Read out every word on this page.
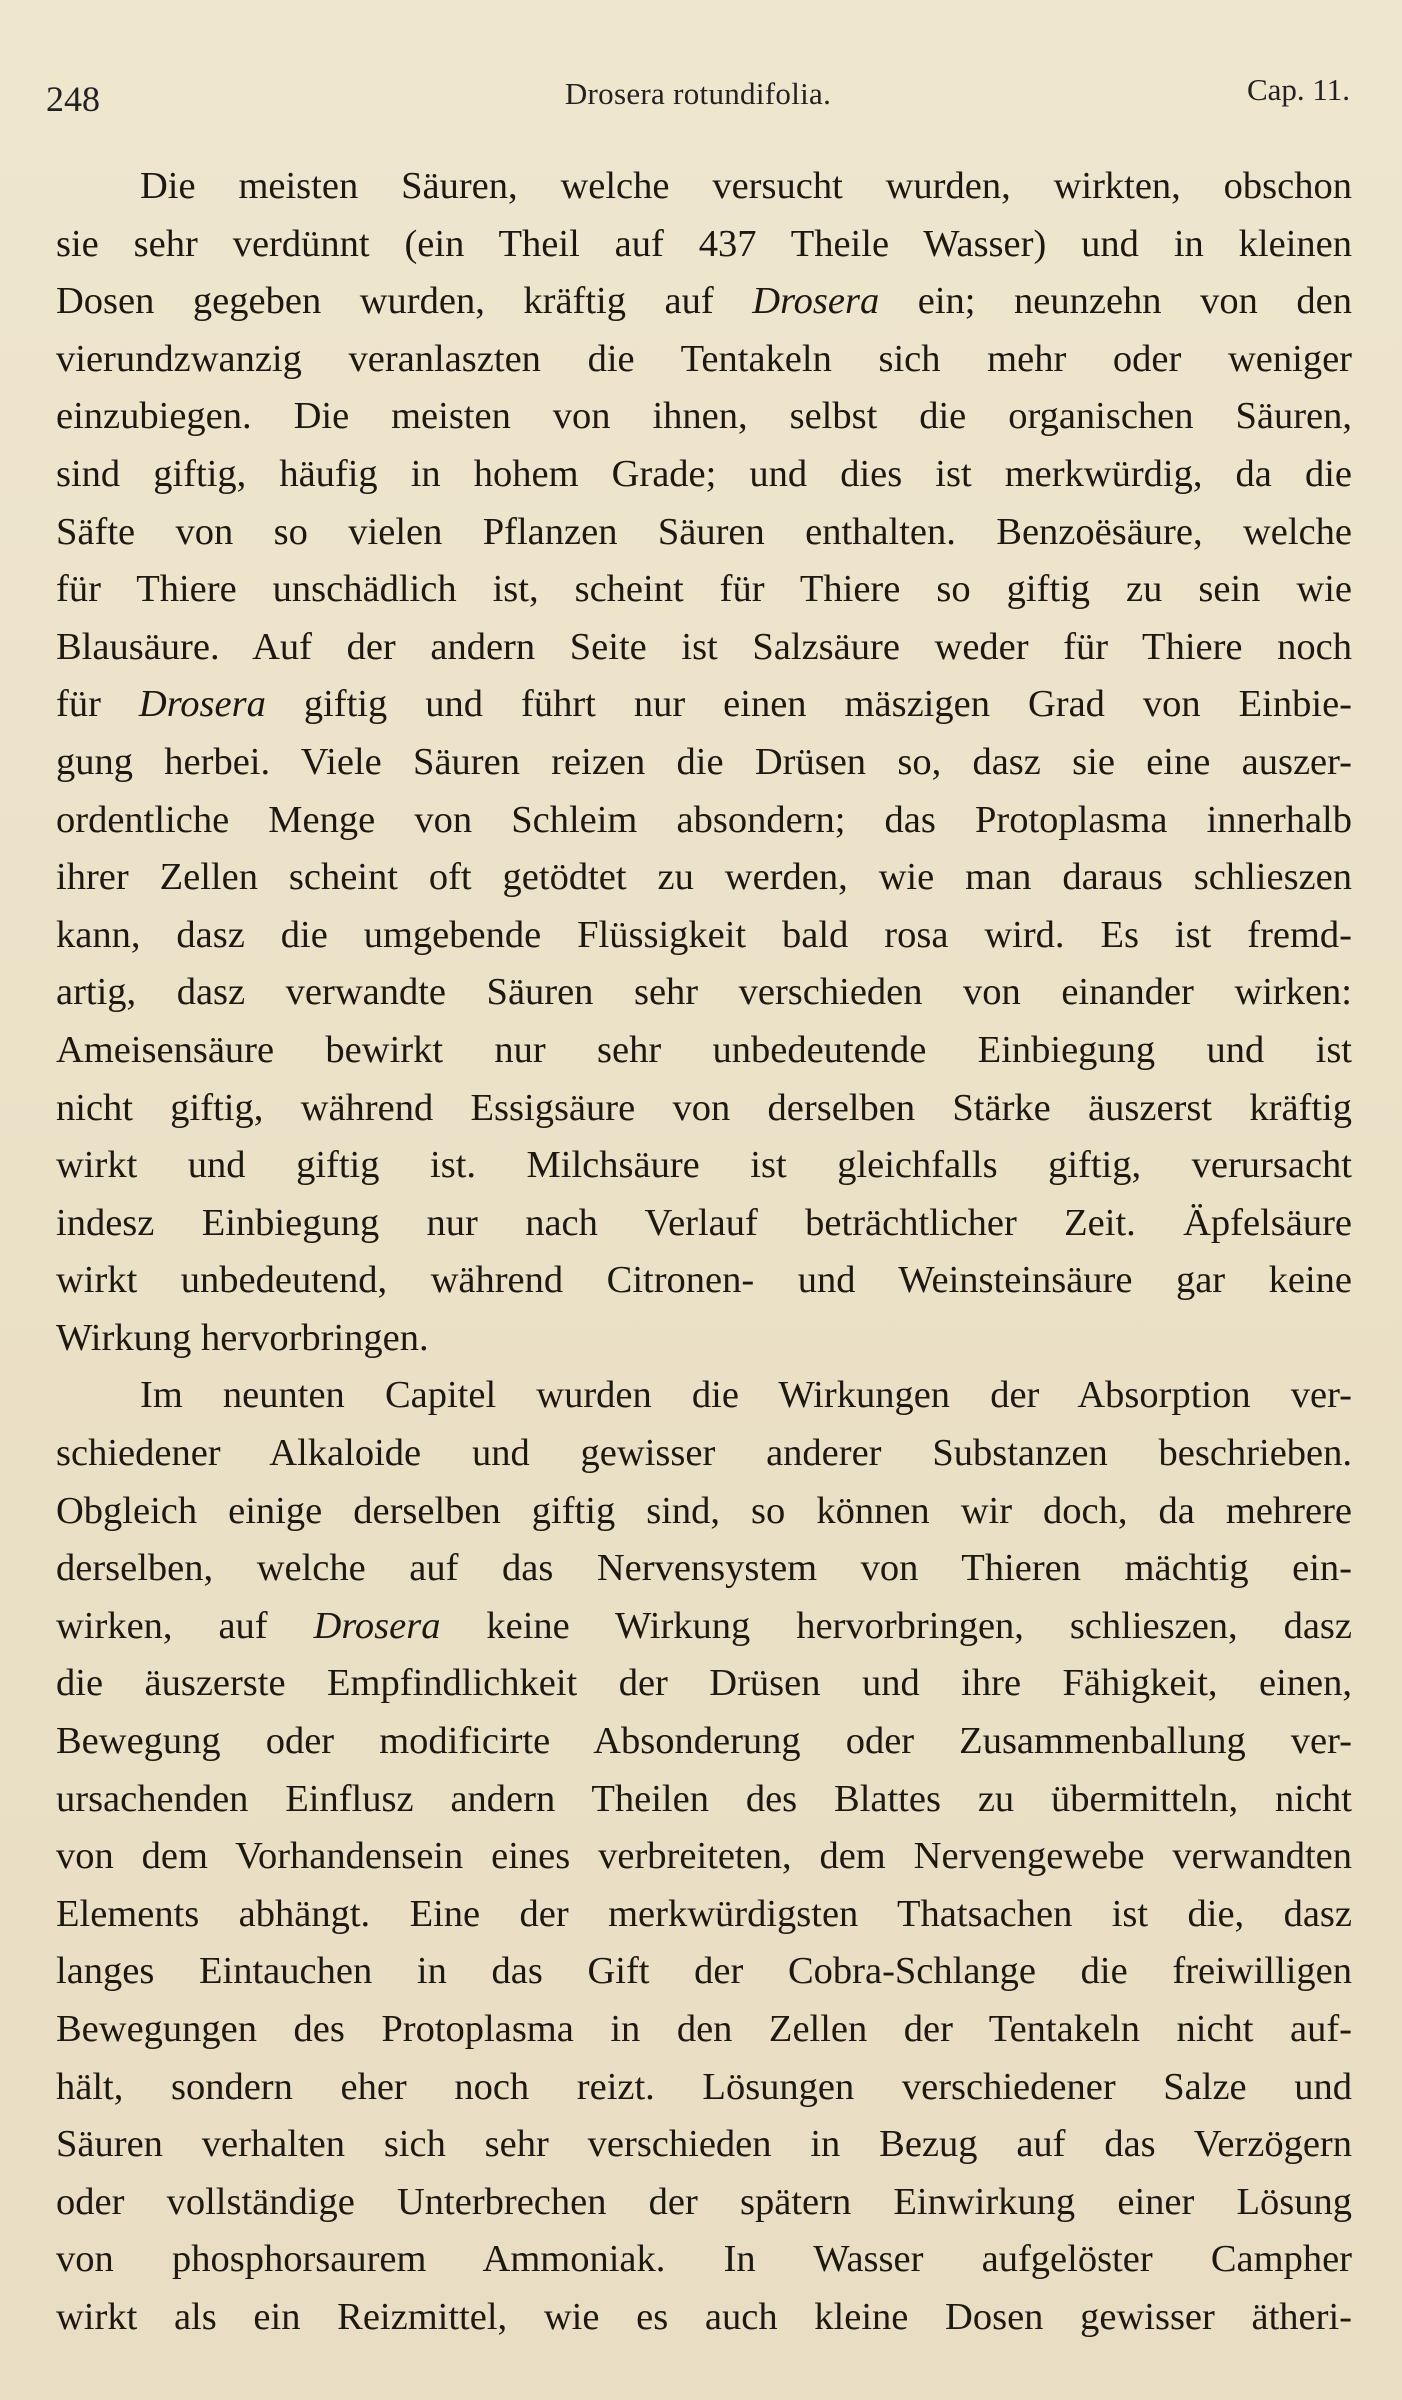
248	Drosera rotundifolia.	Cap. 11.
Die meisten Säuren, welche versucht wurden, wirkten, obschon
sie sehr verdünnt (ein Theil auf 437 Theile Wasser) und in kleinen
Dosen gegeben wurden, kräftig auf Drosera ein; neunzehn von den
vierundzwanzig veranlaszten die Tentakeln sich mehr oder weniger
einzubiegen. Die meisten von ihnen, selbst die organischen Säuren,
sind giftig, häufig in hohem Grade; und dies ist merkwürdig, da die
Säfte von so vielen Pflanzen Säuren enthalten. Benzoësäure, welche
für Thiere unschädlich ist, scheint für Thiere so giftig zu sein wie
Blausäure. Auf der andern Seite ist Salzsäure weder für Thiere noch
für Drosera giftig und führt nur einen mäszigen Grad von Einbie-
gung herbei. Viele Säuren reizen die Drüsen so, dasz sie eine auszer-
ordentliche Menge von Schleim absondern; das Protoplasma innerhalb
ihrer Zellen scheint oft getödtet zu werden, wie man daraus schlieszen
kann, dasz die umgebende Flüssigkeit bald rosa wird. Es ist fremd-
artig, dasz verwandte Säuren sehr verschieden von einander wirken:
Ameisensäure bewirkt nur sehr unbedeutende Einbiegung und ist
nicht giftig, während Essigsäure von derselben Stärke äuszerst kräftig
wirkt und giftig ist. Milchsäure ist gleichfalls giftig, verursacht
indesz Einbiegung nur nach Verlauf beträchtlicher Zeit. Äpfelsäure
wirkt unbedeutend, während Citronen- und Weinsteinsäure gar keine
Wirkung hervorbringen.
Im neunten Capitel wurden die Wirkungen der Absorption ver-
schiedener Alkaloide und gewisser anderer Substanzen beschrieben.
Obgleich einige derselben giftig sind, so können wir doch, da mehrere
derselben, welche auf das Nervensystem von Thieren mächtig ein-
wirken, auf Drosera keine Wirkung hervorbringen, schlieszen, dasz
die äuszerste Empfindlichkeit der Drüsen und ihre Fähigkeit, einen,
Bewegung oder modificirte Absonderung oder Zusammenballung ver-
ursachenden Einflusz andern Theilen des Blattes zu übermitteln, nicht
von dem Vorhandensein eines verbreiteten, dem Nervengewebe verwandten
Elements abhängt. Eine der merkwürdigsten Thatsachen ist die, dasz
langes Eintauchen in das Gift der Cobra-Schlange die freiwilligen
Bewegungen des Protoplasma in den Zellen der Tentakeln nicht auf-
hält, sondern eher noch reizt. Lösungen verschiedener Salze und
Säuren verhalten sich sehr verschieden in Bezug auf das Verzögern
oder vollständige Unterbrechen der spätern Einwirkung einer Lösung
von phosphorsaurem Ammoniak. In Wasser aufgelöster Campher
wirkt als ein Reizmittel, wie es auch kleine Dosen gewisser ätheri-
